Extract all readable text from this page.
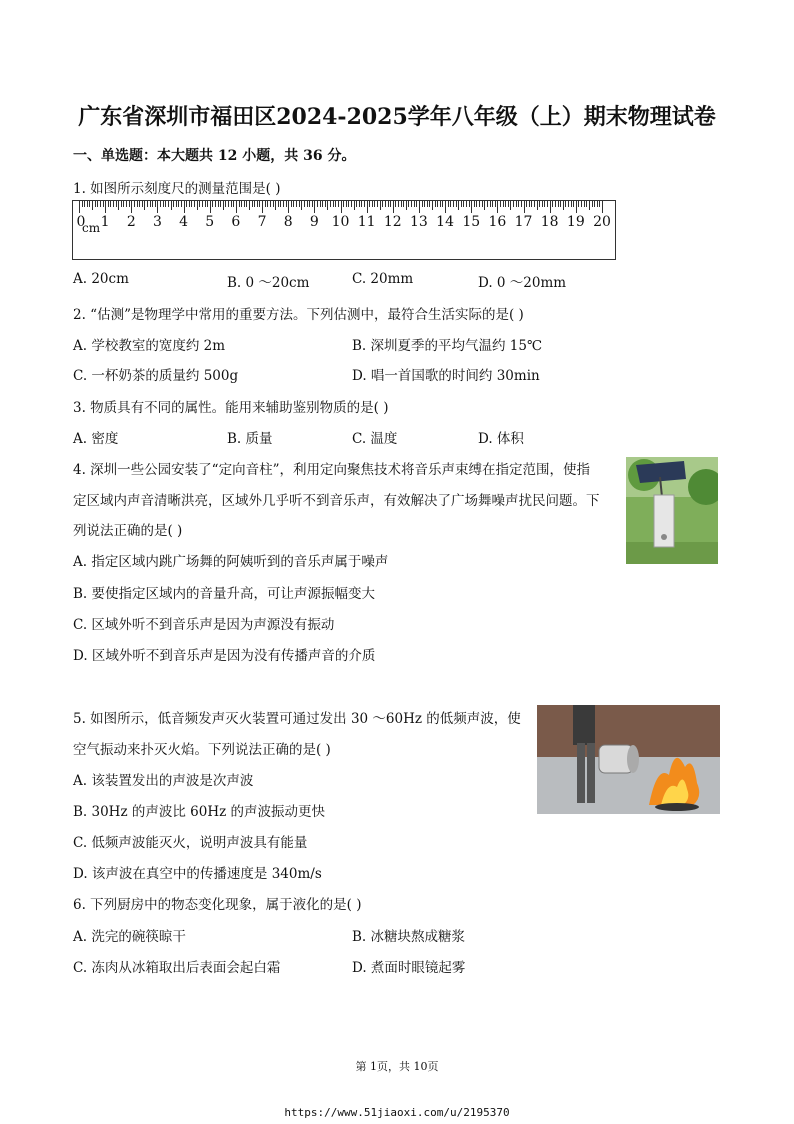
广东省深圳市福田区2024-2025学年八年级（上）期末物理试卷
一、单选题：本大题共 12 小题，共 36 分。
1. 如图所示刻度尺的测量范围是( )
cm
0 1 2 3 4 5 6 7 8 9 10 11 12 13 14 15 16 17 18 19 20
A. 20cm	B. 0 ～20cm	C. 20mm	D. 0 ～20mm
2. “估测”是物理学中常用的重要方法。下列估测中，最符合生活实际的是( )
A. 学校教室的宽度约 2m	B. 深圳夏季的平均气温约 15℃
C. 一杯奶茶的质量约 500g	D. 唱一首国歌的时间约 30min
3. 物质具有不同的属性。能用来辅助鉴别物质的是( )
A. 密度	B. 质量	C. 温度	D. 体积
4. 深圳一些公园安装了“定向音柱”，利用定向聚焦技术将音乐声束缚在指定范围，使指
定区域内声音清晰洪亮，区域外几乎听不到音乐声，有效解决了广场舞噪声扰民问题。下
列说法正确的是( )
A. 指定区域内跳广场舞的阿姨听到的音乐声属于噪声
B. 要使指定区域内的音量升高，可让声源振幅变大
C. 区域外听不到音乐声是因为声源没有振动
D. 区域外听不到音乐声是因为没有传播声音的介质
5. 如图所示，低音频发声灭火装置可通过发出 30 ～60Hz 的低频声波，使
空气振动来扑灭火焰。下列说法正确的是( )
A. 该装置发出的声波是次声波
B. 30Hz 的声波比 60Hz 的声波振动更快
C. 低频声波能灭火，说明声波具有能量
D. 该声波在真空中的传播速度是 340m/s
6. 下列厨房中的物态变化现象，属于液化的是( )
A. 洗完的碗筷晾干	B. 冰糖块熬成糖浆
C. 冻肉从冰箱取出后表面会起白霜	D. 煮面时眼镜起雾
第 1页，共 10页
https://www.51jiaoxi.com/u/2195370
